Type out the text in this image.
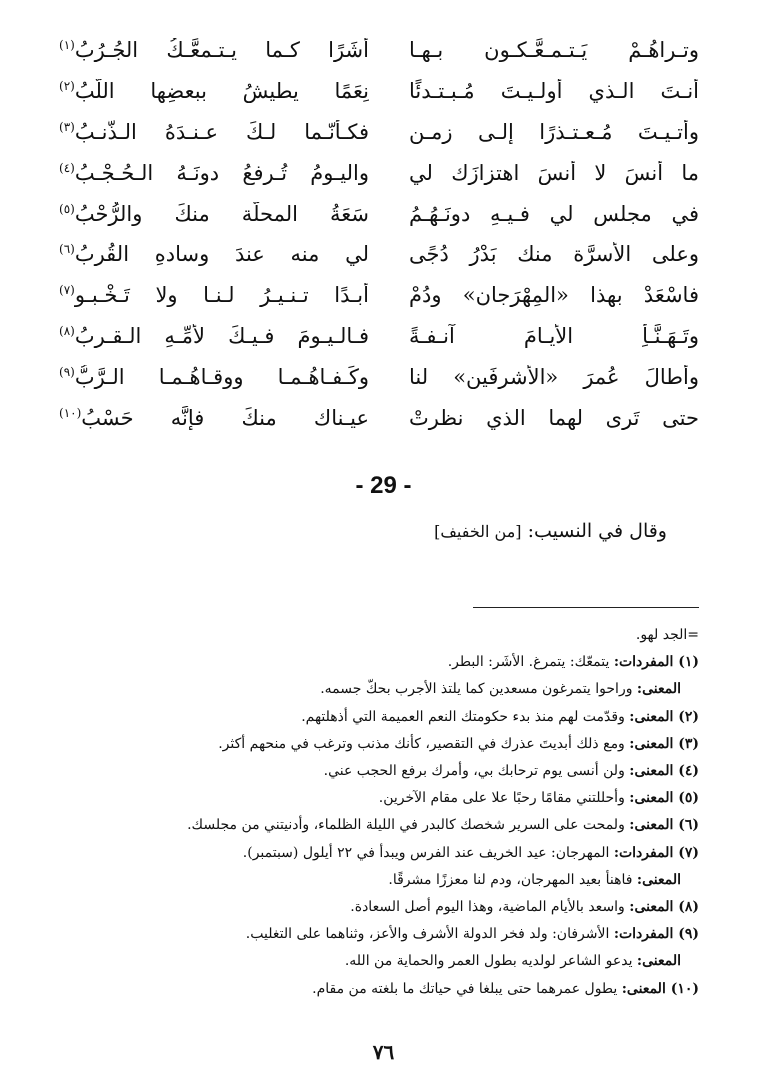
وتـراهُـمْ يَـتـمـعَّـكـون بـهـا
أشَرًا كـما يـتـمعَّـكُ الجُـرُبُ$^{(١)}$
أنـتَ الـذي أولـيـتَ مُـبـتـدئًا
نِعَمًا يطيشُ ببعضِها اللُّبُ$^{(٢)}$
وأتـيـتَ مُـعـتـذرًا إلـى زمـنٍ
فكـأنّـما لـكَ عـنـدَهُ الـذَّنـبُ$^{(٣)}$
ما أنسَ لا أنسَ اهتزازَك لي
واليـومُ تُـرفعُ دونَـهُ الـحُـجْـبُ$^{(٤)}$
في مجلسٍ لي فـيـهِ دونَـهُـمُ
سَعَةُ المحلَّة منكَ والرُّحْبُ$^{(٥)}$
وعلى الأسرَّة منك بَدْرُ دُجًى
لي منه عندَ وسادهِ القُربُ$^{(٦)}$
فاسْعَدْ بهذا «المِهْرَجانِ» ودُمْ
أبـدًا تـنـيـرُ لـنـا ولا تَـخْـبـو$^{(٧)}$
وتَـهَـنَّـأِ الأيـامَ آنـفـةً
فـالـيـومَ فـيـكَ لأمِّـهِ الـقـربُ$^{(٨)}$
وأطالَ عُمرَ «الأشرفَينِ» لنا
وكَـفـاهُـمـا ووقـاهُـمـا الـرَّبُّ$^{(٩)}$
حتى تَرى لهما الذي نظرتْ
عيـناك منكَ فإنَّه حَسْبُ$^{(١٠)}$
- 29 -
وقال في النسيب: [من الخفيف]
=الجد لهو.
(١) المفردات: يتمعّك: يتمرغ. الأشَر: البطر.
المعنى: وراحوا يتمرغون مسعدين كما يلتذ الأجرب بحكّ جسمه.
(٢) المعنى: وقدّمت لهم منذ بدء حكومتك النعم العميمة التي أذهلتهم.
(٣) المعنى: ومع ذلك أبديتَ عذرك في التقصير، كأنك مذنب وترغب في منحهم أكثر.
(٤) المعنى: ولن أنسى يوم ترحابك بي، وأمرك برفع الحجب عني.
(٥) المعنى: وأحللتني مقامًا رحبًا علا على مقام الآخرين.
(٦) المعنى: ولمحت على السرير شخصك كالبدر في الليلة الظلماء، وأدنيتني من مجلسك.
(٧) المفردات: المهرجان: عيد الخريف عند الفرس ويبدأ في ٢٢ أيلول (سبتمبر).
المعنى: فاهنأ بعيد المهرجان، ودم لنا معززًا مشرقًا.
(٨) المعنى: واسعد بالأيام الماضية، وهذا اليوم أصل السعادة.
(٩) المفردات: الأشرفان: ولد فخر الدولة الأشرف والأعز، وثناهما على التغليب.
المعنى: يدعو الشاعر لولديه بطول العمر والحماية من الله.
(١٠) المعنى: يطول عمرهما حتى يبلغا في حياتك ما بلغته من مقام.
٧٦
